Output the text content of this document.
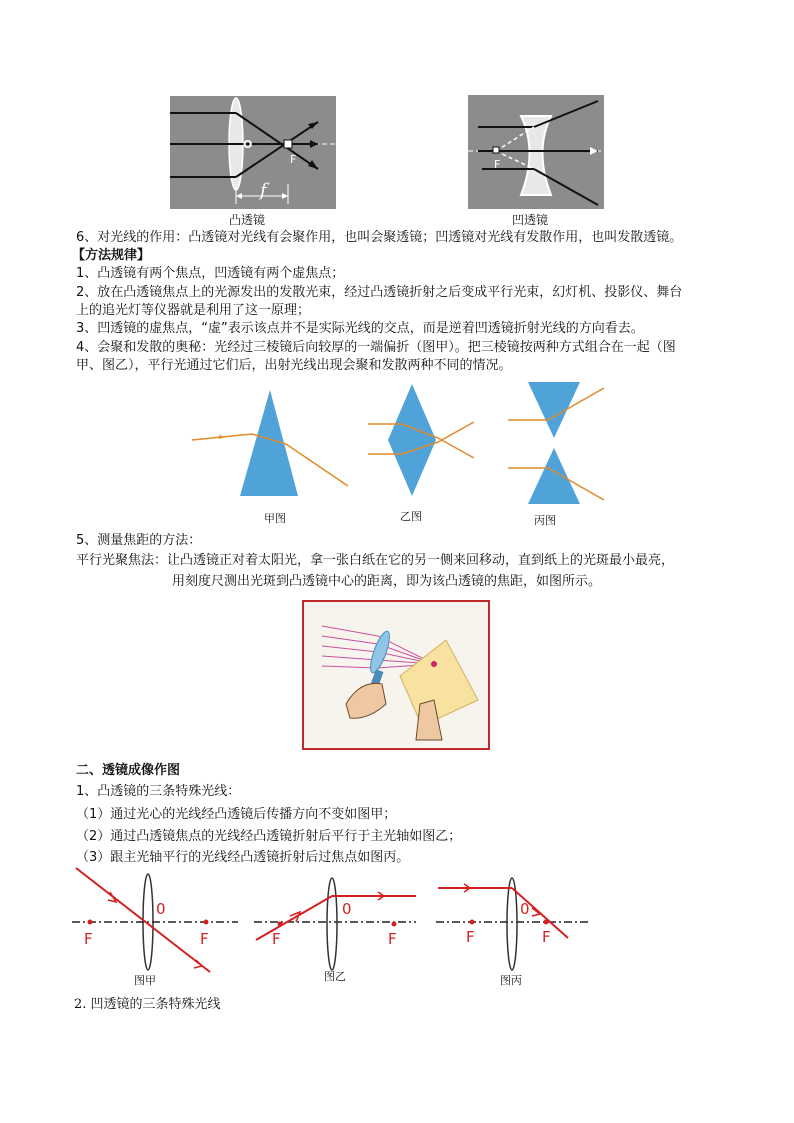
O
F
f
凸透镜
F
凹透镜
6、对光线的作用：凸透镜对光线有会聚作用，也叫会聚透镜；凹透镜对光线有发散作用，也叫发散透镜。
【方法规律】
1、凸透镜有两个焦点，凹透镜有两个虚焦点；
2、放在凸透镜焦点上的光源发出的发散光束，经过凸透镜折射之后变成平行光束，幻灯机、投影仪、舞台
上的追光灯等仪器就是利用了这一原理；
3、凹透镜的虚焦点，“虚”表示该点并不是实际光线的交点，而是逆着凹透镜折射光线的方向看去。
4、会聚和发散的奥秘：光经过三棱镜后向较厚的一端偏折（图甲）。把三棱镜按两种方式组合在一起（图
甲、图乙），平行光通过它们后，出射光线出现会聚和发散两种不同的情况。
甲图	乙图	丙图
5、测量焦距的方法：
平行光聚焦法：让凸透镜正对着太阳光，拿一张白纸在它的另一侧来回移动，直到纸上的光斑最小最亮，
用刻度尺测出光斑到凸透镜中心的距离，即为该凸透镜的焦距，如图所示。
二、透镜成像作图
1、凸透镜的三条特殊光线：
（1）通过光心的光线经凸透镜后传播方向不变如图甲；
（2）通过凸透镜焦点的光线经凸透镜折射后平行于主光轴如图乙；
（3）跟主光轴平行的光线经凸透镜折射后过焦点如图丙。
0
F	F
图甲
0
F	F
图乙
0
F	F
图丙
2. 凹透镜的三条特殊光线
